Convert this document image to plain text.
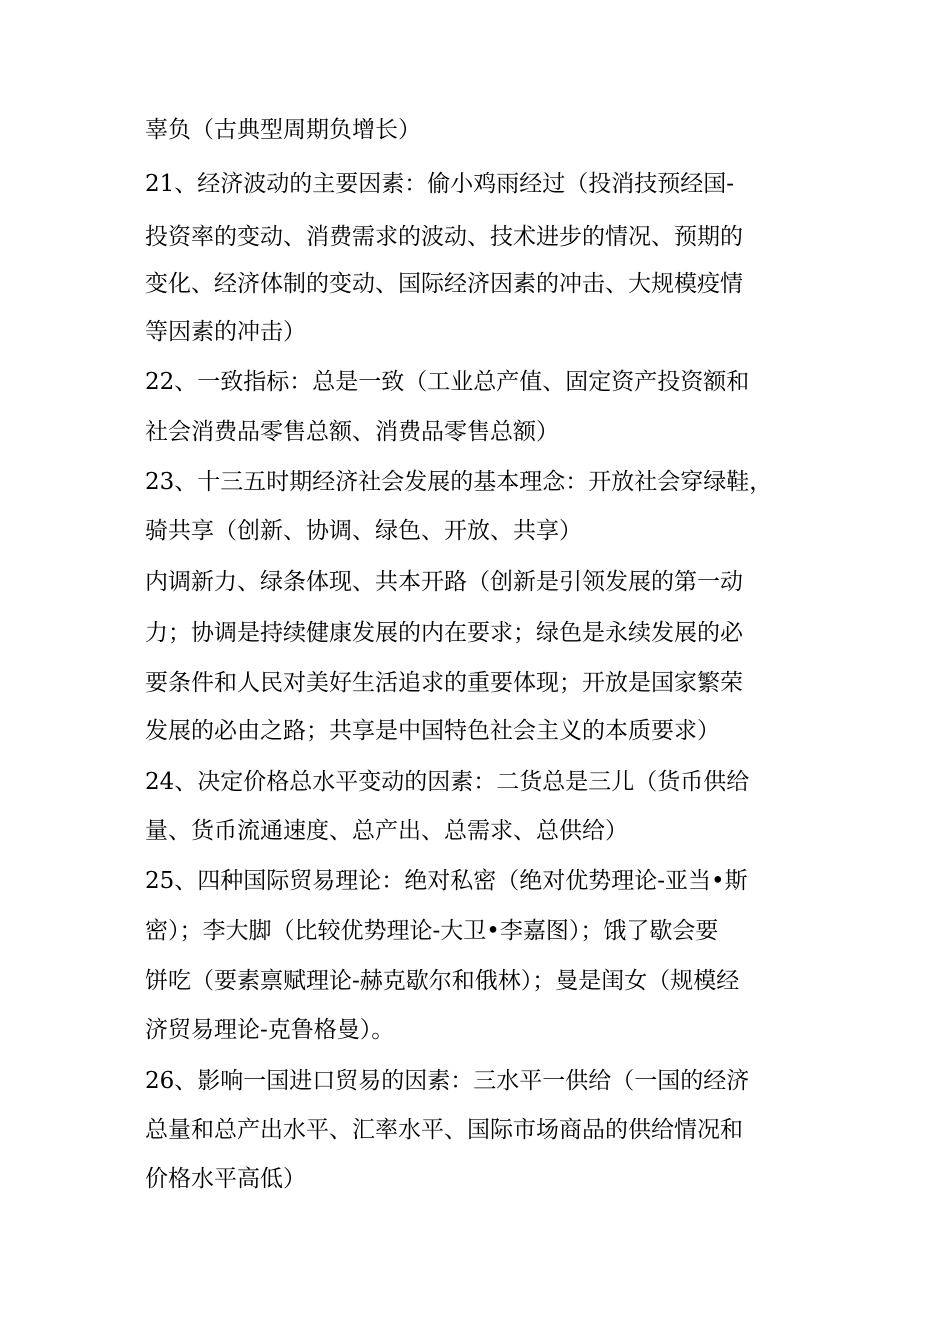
辜负（古典型周期负增长）
21、经济波动的主要因素：偷小鸡雨经过（投消技预经国-
投资率的变动、消费需求的波动、技术进步的情况、预期的
变化、经济体制的变动、国际经济因素的冲击、大规模疫情
等因素的冲击）
22、一致指标：总是一致（工业总产值、固定资产投资额和
社会消费品零售总额、消费品零售总额）
23、十三五时期经济社会发展的基本理念：开放社会穿绿鞋，
骑共享（创新、协调、绿色、开放、共享）
内调新力、绿条体现、共本开路（创新是引领发展的第一动
力；协调是持续健康发展的内在要求；绿色是永续发展的必
要条件和人民对美好生活追求的重要体现；开放是国家繁荣
发展的必由之路；共享是中国特色社会主义的本质要求）
24、决定价格总水平变动的因素：二货总是三儿（货币供给
量、货币流通速度、总产出、总需求、总供给）
25、四种国际贸易理论：绝对私密（绝对优势理论-亚当•斯
密）；李大脚（比较优势理论-大卫•李嘉图）；饿了歇会要
饼吃（要素禀赋理论-赫克歇尔和俄林）；曼是闺女（规模经
济贸易理论-克鲁格曼）。
26、影响一国进口贸易的因素：三水平一供给（一国的经济
总量和总产出水平、汇率水平、国际市场商品的供给情况和
价格水平高低）
